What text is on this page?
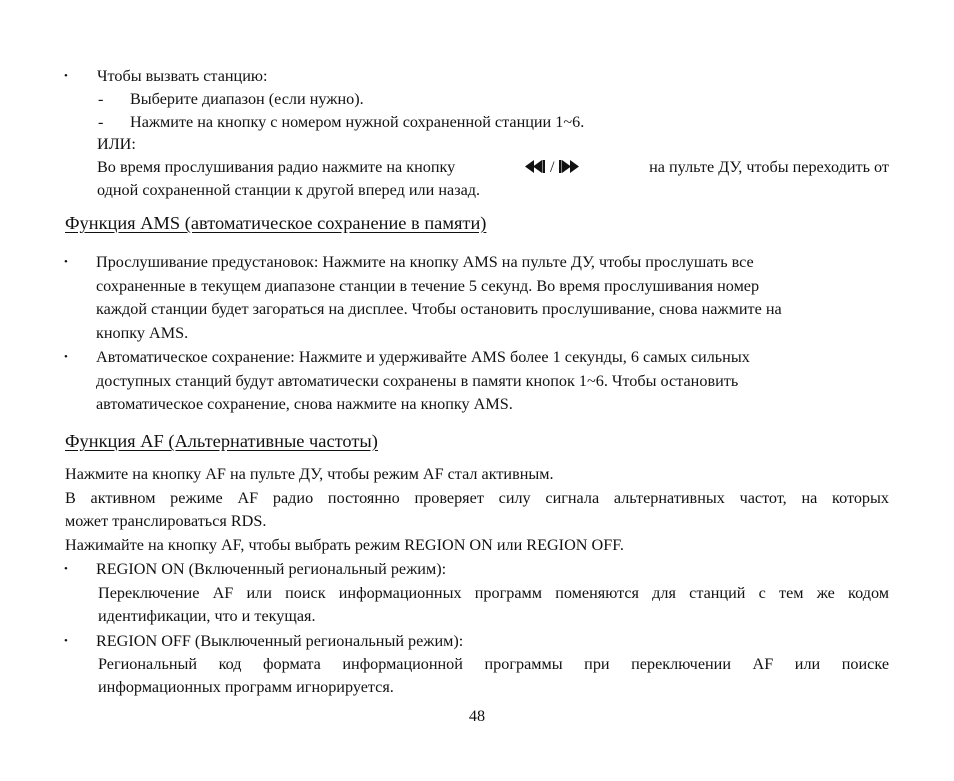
• Чтобы вызвать станцию:
- Выберите диапазон (если нужно).
- Нажмите на кнопку с номером нужной сохраненной станции 1~6.
ИЛИ:
Во время прослушивания радио нажмите на кнопку	/	на пульте ДУ, чтобы переходить от
одной сохраненной станции к другой вперед или назад.
Функция AMS (автоматическое сохранение в памяти)
• Прослушивание предустановок: Нажмите на кнопку AMS на пульте ДУ, чтобы прослушать все
сохраненные в текущем диапазоне станции в течение 5 секунд. Во время прослушивания номер
каждой станции будет загораться на дисплее. Чтобы остановить прослушивание, снова нажмите на
кнопку AMS.
• Автоматическое сохранение: Нажмите и удерживайте AMS более 1 секунды, 6 самых сильных
доступных станций будут автоматически сохранены в памяти кнопок 1~6. Чтобы остановить
автоматическое сохранение, снова нажмите на кнопку AMS.
Функция AF (Альтернативные частоты)
Нажмите на кнопку AF на пульте ДУ, чтобы режим AF стал активным.
В активном режиме AF радио постоянно проверяет силу сигнала альтернативных частот, на которых
может транслироваться RDS.
Нажимайте на кнопку AF, чтобы выбрать режим REGION ON или REGION OFF.
• REGION ON (Включенный региональный режим):
Переключение AF или поиск информационных программ поменяются для станций с тем же кодом
идентификации, что и текущая.
• REGION OFF (Выключенный региональный режим):
Региональный код формата информационной программы при переключении AF или поиске
информационных программ игнорируется.
48
